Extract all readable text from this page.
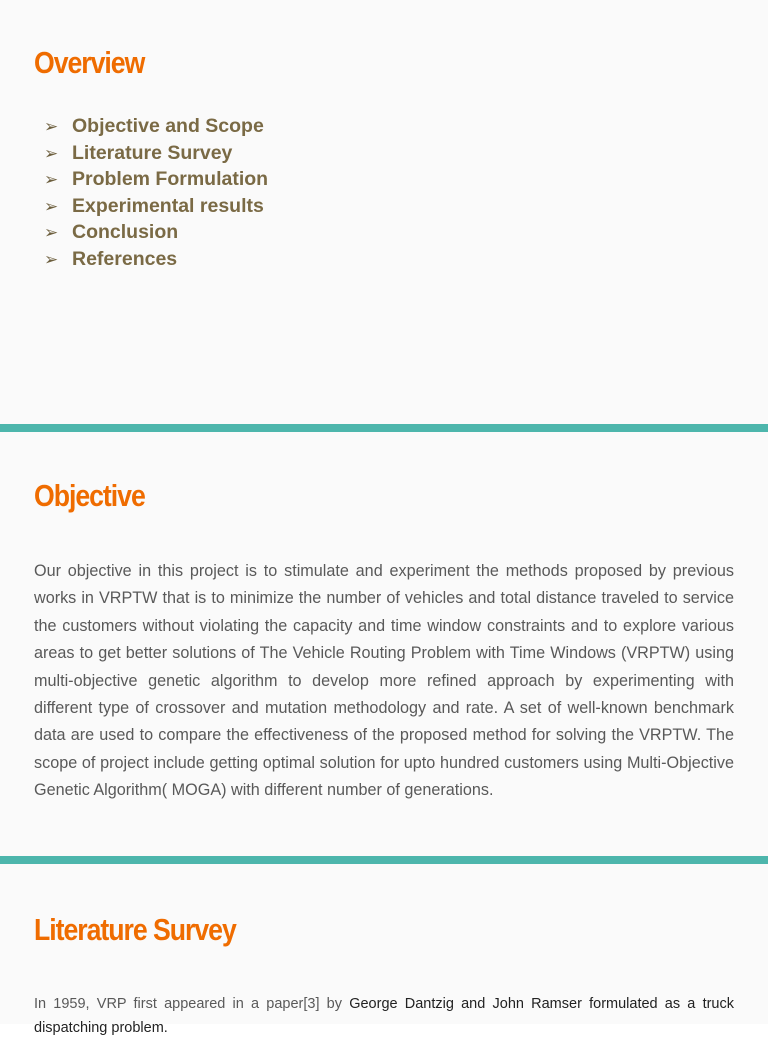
Overview
➢ Objective and Scope
➢ Literature Survey
➢ Problem Formulation
➢ Experimental results
➢ Conclusion
➢ References
Objective

Our objective in this project is to stimulate and experiment the methods proposed by previous works in VRPTW that is to minimize the number of vehicles and total distance traveled to service the customers without violating the capacity and time window constraints and to explore various areas to get better solutions of The Vehicle Routing Problem with Time Windows (VRPTW) using multi-objective genetic algorithm to develop more refined approach by experimenting with different type of crossover and mutation methodology and rate. A set of well-known benchmark data are used to compare the effectiveness of the proposed method for solving the VRPTW. The scope of project include getting optimal solution for upto hundred customers using Multi-Objective Genetic Algorithm( MOGA) with different number of generations.

Literature Survey

In 1959, VRP first appeared in a paper[3] by George Dantzig and John Ramser formulated as a truck dispatching problem.
